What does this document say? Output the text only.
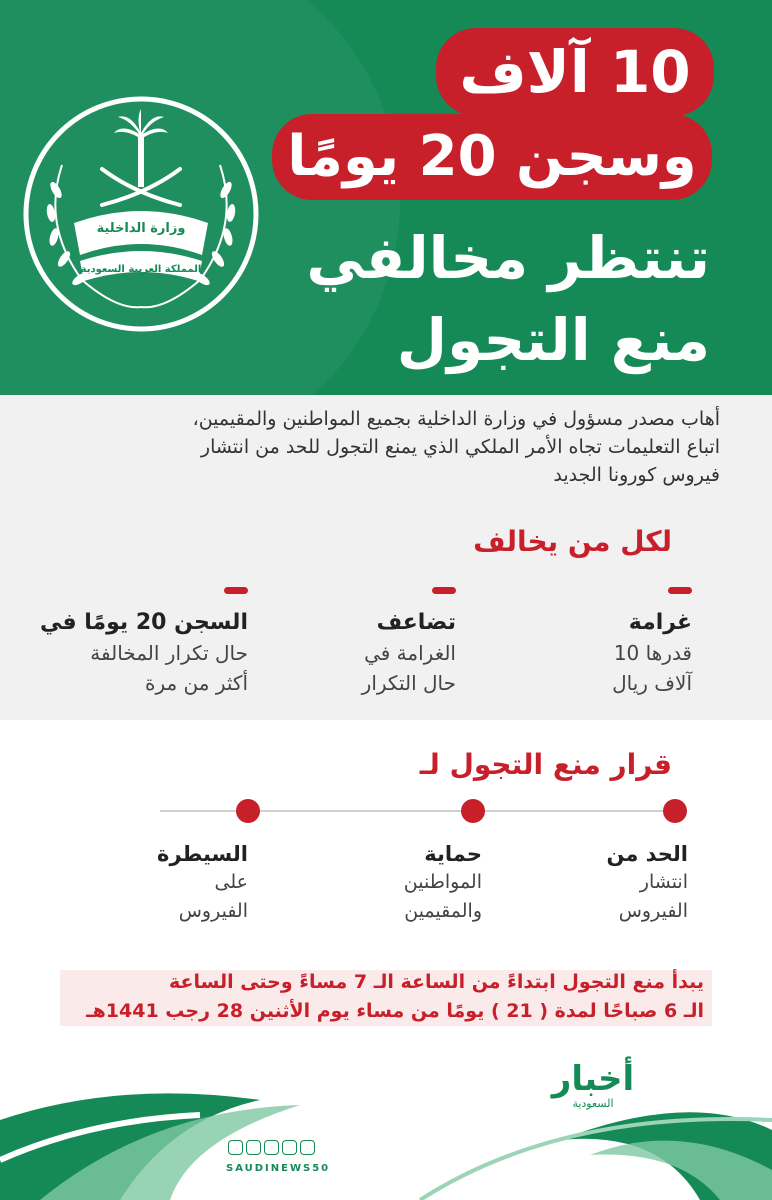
وزارة الداخلية
المملكة العربية السعودية
10 آلاف
وسجن 20 يومًا
تنتظر مخالفي
منع التجول

أهاب مصدر مسؤول في وزارة الداخلية بجميع المواطنين والمقيمين،

اتباع التعليمات تجاه الأمر الملكي الذي يمنع التجول للحد من انتشار

فيروس كورونا الجديد

لكل من يخالف
غرامة
قدرها 10
آلاف ريال
تضاعف
الغرامة في
حال التكرار
السجن 20 يومًا في
حال تكرار المخالفة
أكثر من مرة
قرار منع التجول لـ
الحد من
انتشار
الفيروس
حماية
المواطنين
والمقيمين
السيطرة
على
الفيروس
يبدأ منع التجول ابتداءً من الساعة الـ 7 مساءً وحتى الساعة
الـ 6 صباحًا لمدة ( 21 ) يومًا من مساء يوم الأثنين 28 رجب 1441هـ
أخبار
السعودية
SAUDINEWS50
